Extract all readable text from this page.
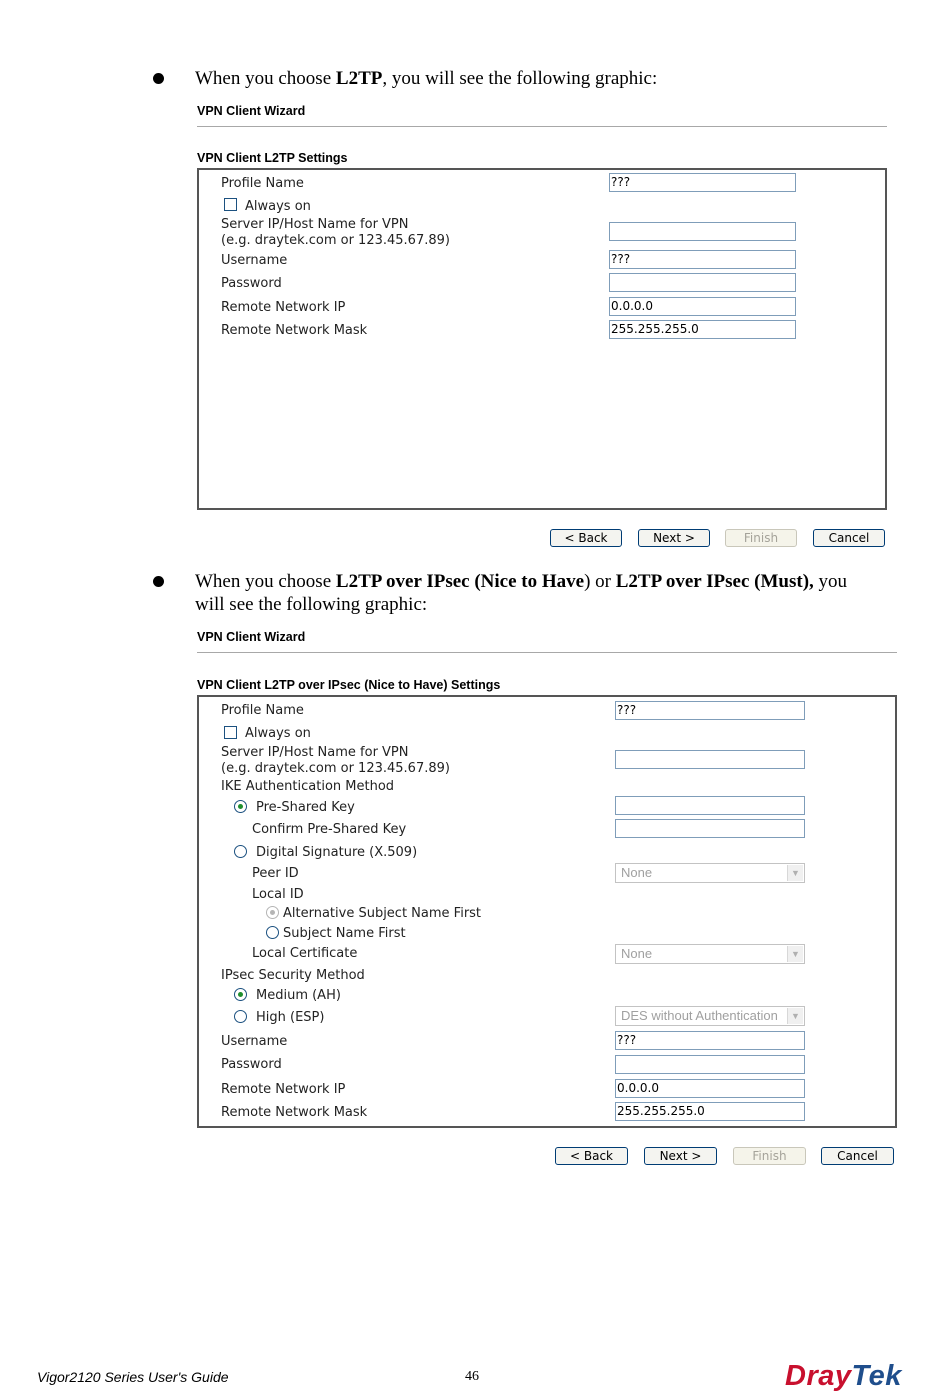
When you choose L2TP, you will see the following graphic:
VPN Client Wizard
VPN Client L2TP Settings
Profile Name	???
Always on
Server IP/Host Name for VPN
(e.g. draytek.com or 123.45.67.89)
Username	???
Password
Remote Network IP	0.0.0.0
Remote Network Mask	255.255.255.0
< Back	Next >	Finish	Cancel
When you choose L2TP over IPsec (Nice to Have) or L2TP over IPsec (Must), you
will see the following graphic:
VPN Client Wizard
VPN Client L2TP over IPsec (Nice to Have) Settings
Profile Name	???
Always on
Server IP/Host Name for VPN
(e.g. draytek.com or 123.45.67.89)
IKE Authentication Method
Pre-Shared Key
Confirm Pre-Shared Key
Digital Signature (X.509)
Peer ID	None	▼
Local ID
Alternative Subject Name First
Subject Name First
Local Certificate	None	▼
IPsec Security Method
Medium (AH)
High (ESP)	DES without Authentication	▼
Username	???
Password
Remote Network IP	0.0.0.0
Remote Network Mask	255.255.255.0
< Back	Next >	Finish	Cancel
Vigor2120 Series User's Guide	46	DrayTek
